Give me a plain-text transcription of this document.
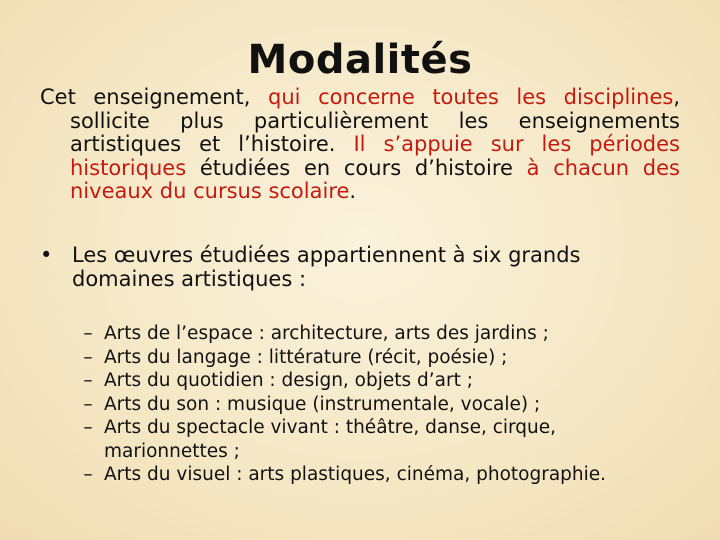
Modalités
Cet enseignement, qui concerne toutes les disciplines, sollicite plus particulièrement les enseignements artistiques et l’histoire. Il s’appuie sur les périodes historiques étudiées en cours d’histoire à chacun des niveaux du cursus scolaire.
• Les œuvres étudiées appartiennent à six grands domaines artistiques :
– Arts de l’espace : architecture, arts des jardins ;
– Arts du langage : littérature (récit, poésie) ;
– Arts du quotidien : design, objets d’art ;
– Arts du son : musique (instrumentale, vocale) ;
– Arts du spectacle vivant : théâtre, danse, cirque, marionnettes ;
– Arts du visuel : arts plastiques, cinéma, photographie.
